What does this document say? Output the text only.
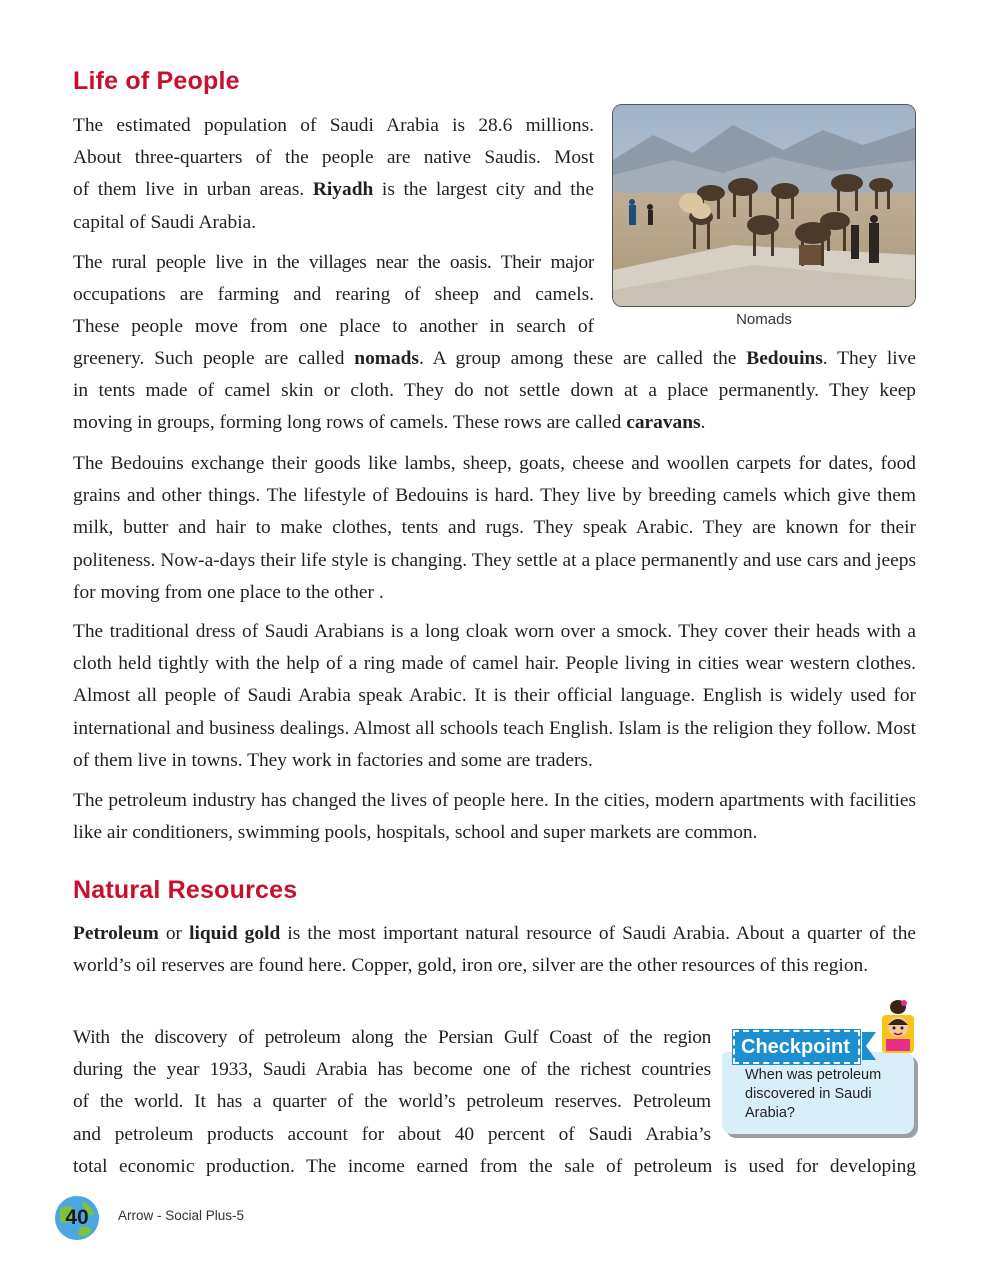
Life of People
The estimated population of Saudi Arabia is 28.6 millions.
About three-quarters of the people are native Saudis. Most
of them live in urban areas. Riyadh is the largest city and the
capital of Saudi Arabia.
The rural people live in the villages near the oasis. Their major
occupations are farming and rearing of sheep and camels.
These people move from one place to another in search of
greenery. Such people are called nomads. A group among these are called the Bedouins. They live
in tents made of camel skin or cloth. They do not settle down at a place permanently. They keep
moving in groups, forming long rows of camels. These rows are called caravans.

The Bedouins exchange their goods like lambs, sheep, goats, cheese and woollen carpets for dates, food grains and other things. The lifestyle of Bedouins is hard. They live by breeding camels which give them milk, butter and hair to make clothes, tents and rugs. They speak Arabic. They are known for their politeness. Now-a-days their life style is changing. They settle at a place permanently and use cars and jeeps for moving from one place to the other .

The traditional dress of Saudi Arabians is a long cloak worn over a smock. They cover their heads with a cloth held tightly with the help of a ring made of camel hair. People living in cities wear western clothes. Almost all people of Saudi Arabia speak Arabic. It is their official language. English is widely used for international and business dealings. Almost all schools teach English. Islam is the religion they follow. Most of them live in towns. They work in factories and some are traders.

The petroleum industry has changed the lives of people here. In the cities, modern apartments with facilities like air conditioners, swimming pools, hospitals, school and super markets are common.

Nomads
Natural Resources

Petroleum or liquid gold is the most important natural resource of Saudi Arabia. About a quarter of the world’s oil reserves are found here. Copper, gold, iron ore, silver are the other resources of this region.

With the discovery of petroleum along the Persian Gulf Coast of the region
during the year 1933, Saudi Arabia has become one of the richest countries
of the world. It has a quarter of the world’s petroleum reserves. Petroleum
and petroleum products account for about 40 percent of Saudi Arabia’s
total economic production. The income earned from the sale of petroleum is used for developing
Checkpoint
When was petroleum discovered in Saudi Arabia?
40	Arrow - Social Plus-5
